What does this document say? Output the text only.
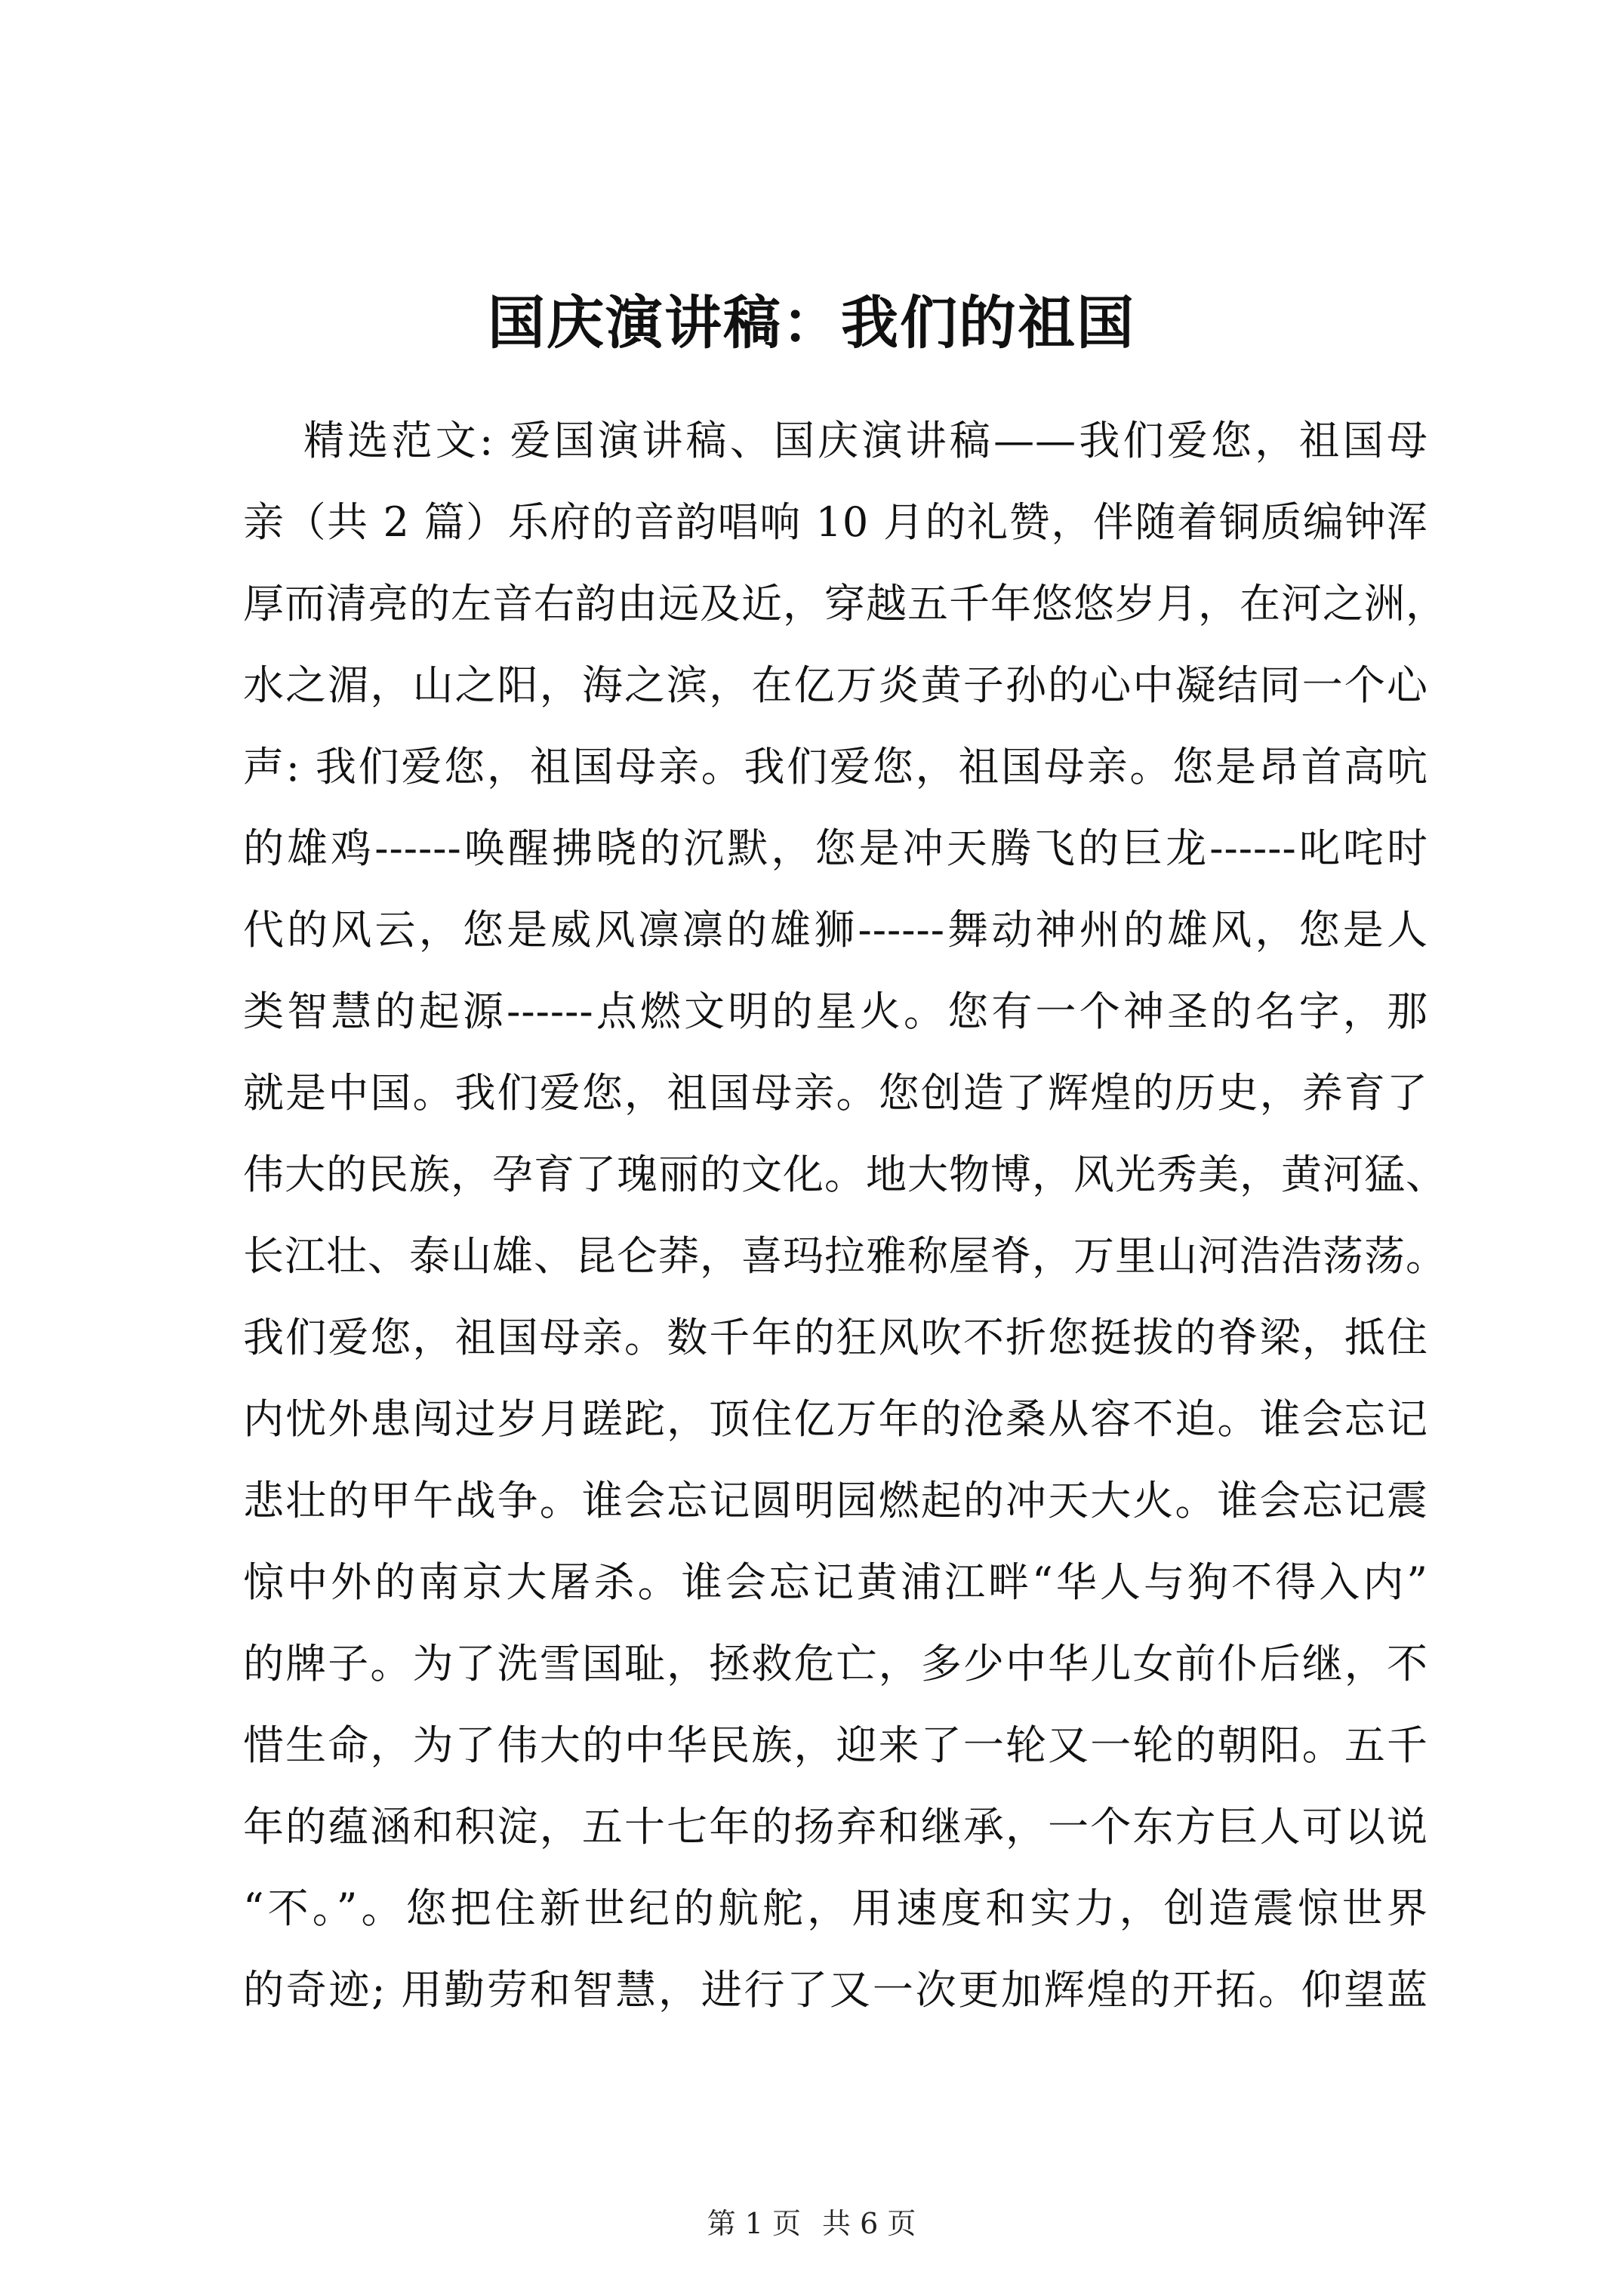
国庆演讲稿：我们的祖国
精选范文: 爱国演讲稿、国庆演讲稿——我们爱您，祖国母
亲（共 2 篇）乐府的音韵唱响 10 月的礼赞，伴随着铜质编钟浑
厚而清亮的左音右韵由远及近，穿越五千年悠悠岁月，在河之洲，
水之湄，山之阳，海之滨，在亿万炎黄子孙的心中凝结同一个心
声: 我们爱您，祖国母亲。我们爱您，祖国母亲。您是昂首高吭
的雄鸡------唤醒拂晓的沉默，您是冲天腾飞的巨龙------叱咤时
代的风云，您是威风凛凛的雄狮------舞动神州的雄风，您是人
类智慧的起源------点燃文明的星火。您有一个神圣的名字，那
就是中国。我们爱您，祖国母亲。您创造了辉煌的历史，养育了
伟大的民族，孕育了瑰丽的文化。地大物博，风光秀美，黄河猛、
长江壮、泰山雄、昆仑莽，喜玛拉雅称屋脊，万里山河浩浩荡荡。
我们爱您，祖国母亲。数千年的狂风吹不折您挺拔的脊梁，抵住
内忧外患闯过岁月蹉跎，顶住亿万年的沧桑从容不迫。谁会忘记
悲壮的甲午战争。谁会忘记圆明园燃起的冲天大火。谁会忘记震
惊中外的南京大屠杀。谁会忘记黄浦江畔“华人与狗不得入内”
的牌子。为了洗雪国耻，拯救危亡，多少中华儿女前仆后继，不
惜生命，为了伟大的中华民族，迎来了一轮又一轮的朝阳。五千
年的蕴涵和积淀，五十七年的扬弃和继承，一个东方巨人可以说
“不。”。您把住新世纪的航舵，用速度和实力，创造震惊世界
的奇迹; 用勤劳和智慧，进行了又一次更加辉煌的开拓。仰望蓝
第 1 页 共 6 页
